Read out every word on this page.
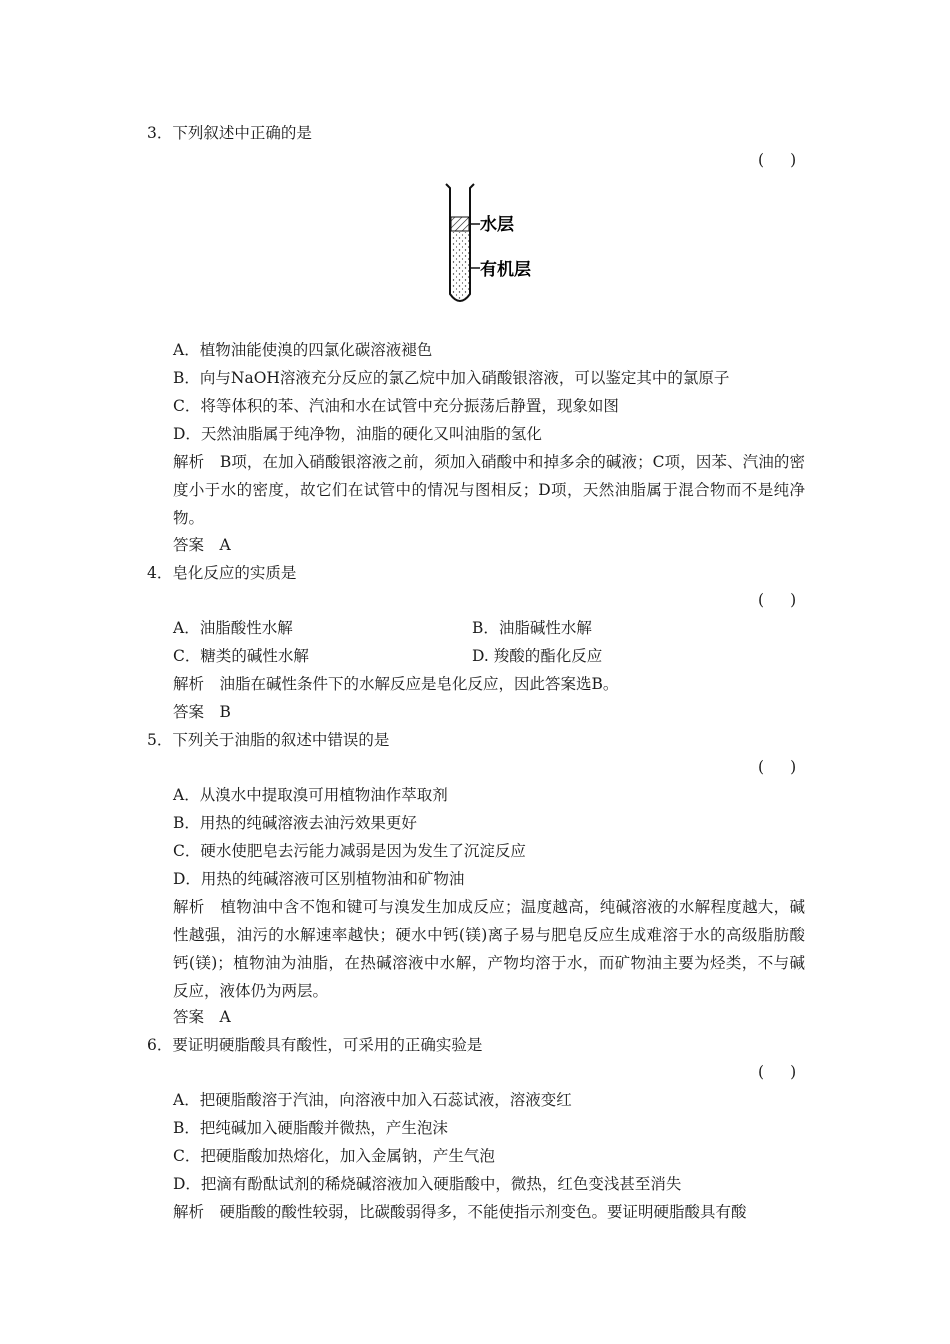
3．下列叙述中正确的是
( )
水层
有机层
A．植物油能使溴的四氯化碳溶液褪色
B．向与NaOH溶液充分反应的氯乙烷中加入硝酸银溶液，可以鉴定其中的氯原子
C．将等体积的苯、汽油和水在试管中充分振荡后静置，现象如图
D．天然油脂属于纯净物，油脂的硬化又叫油脂的氢化
解析　B项，在加入硝酸银溶液之前，须加入硝酸中和掉多余的碱液；C项，因苯、汽油的密度小于水的密度，故它们在试管中的情况与图相反；D项，天然油脂属于混合物而不是纯净物。
答案　A
4．皂化反应的实质是
( )
A．油脂酸性水解	B．油脂碱性水解
C．糖类的碱性水解	D. 羧酸的酯化反应
解析　油脂在碱性条件下的水解反应是皂化反应，因此答案选B。
答案　B
5．下列关于油脂的叙述中错误的是
( )
A．从溴水中提取溴可用植物油作萃取剂
B．用热的纯碱溶液去油污效果更好
C．硬水使肥皂去污能力减弱是因为发生了沉淀反应
D．用热的纯碱溶液可区别植物油和矿物油
解析　植物油中含不饱和键可与溴发生加成反应；温度越高，纯碱溶液的水解程度越大，碱性越强，油污的水解速率越快；硬水中钙(镁)离子易与肥皂反应生成难溶于水的高级脂肪酸钙(镁)；植物油为油脂，在热碱溶液中水解，产物均溶于水，而矿物油主要为烃类，不与碱反应，液体仍为两层。
答案　A
6．要证明硬脂酸具有酸性，可采用的正确实验是
( )
A．把硬脂酸溶于汽油，向溶液中加入石蕊试液，溶液变红
B．把纯碱加入硬脂酸并微热，产生泡沫
C．把硬脂酸加热熔化，加入金属钠，产生气泡
D．把滴有酚酞试剂的稀烧碱溶液加入硬脂酸中，微热，红色变浅甚至消失
解析　硬脂酸的酸性较弱，比碳酸弱得多，不能使指示剂变色。要证明硬脂酸具有酸
